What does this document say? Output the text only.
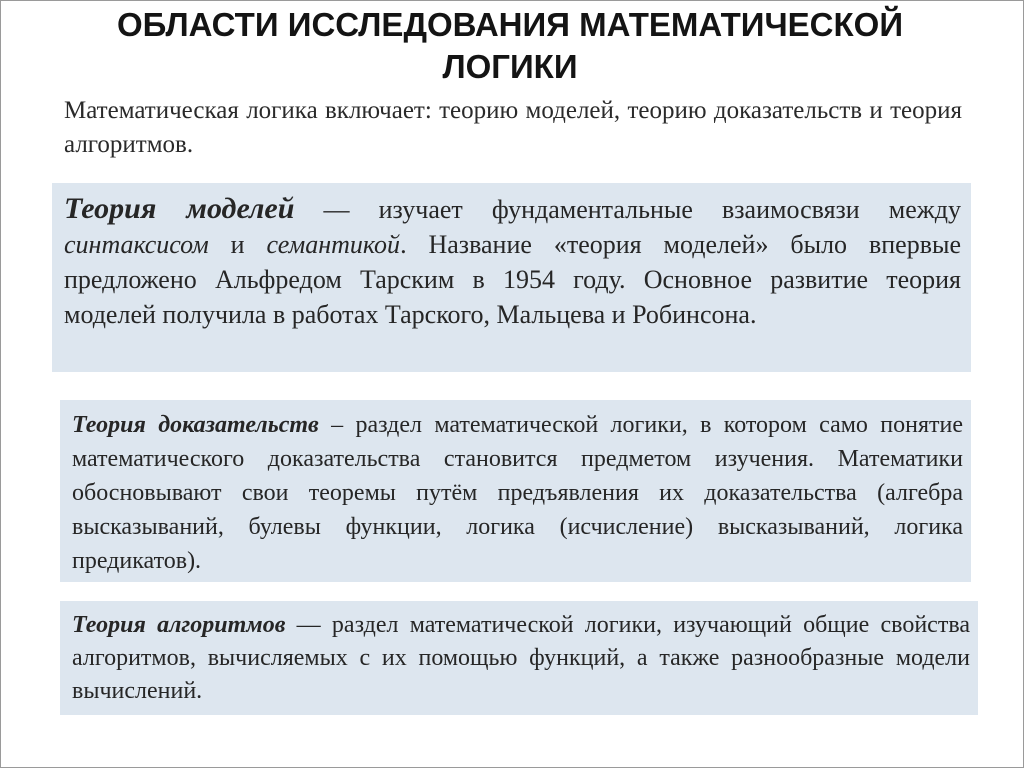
ОБЛАСТИ ИССЛЕДОВАНИЯ МАТЕМАТИЧЕСКОЙ
ЛОГИКИ
Математическая логика включает: теорию моделей, теорию доказательств и теория алгоритмов.
Теория моделей — изучает фундаментальные взаимосвязи между синтаксисом и семантикой. Название «теория моделей» было впервые предложено Альфредом Тарским в 1954 году. Основное развитие теория моделей получила в работах Тарского, Мальцева и Робинсона.
Теория доказательств – раздел математической логики, в котором само понятие математического доказательства становится предметом изучения. Математики обосновывают свои теоремы путём предъявления их доказательства (алгебра высказываний, булевы функции, логика (исчисление) высказываний, логика предикатов).
Теория алгоритмов — раздел математической логики, изучающий общие свойства алгоритмов, вычисляемых с их помощью функций, а также разнообразные модели вычислений.
